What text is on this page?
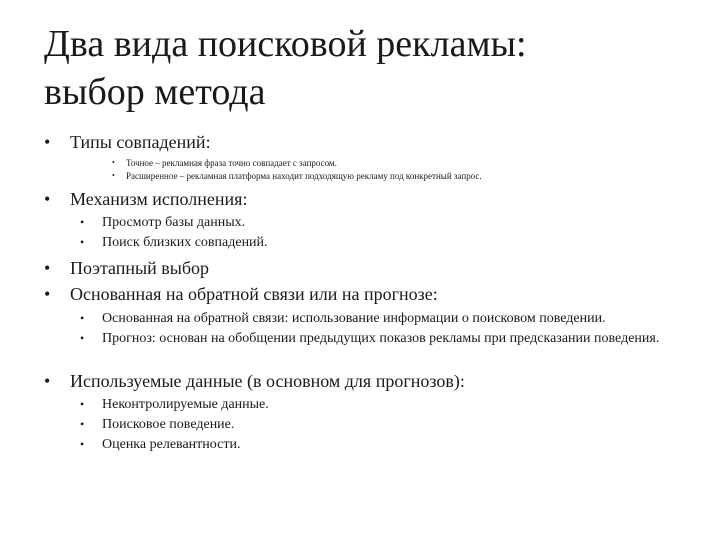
Два вида поисковой рекламы:
выбор метода
• Типы совпадений:
• Точное – рекламная фраза точно совпадает с запросом.
• Расширенное – рекламная платформа находит подходящую рекламу под конкретный запрос.
• Механизм исполнения:
• Просмотр базы данных.
• Поиск близких совпадений.
• Поэтапный выбор
• Основанная на обратной связи или на прогнозе:
• Основанная на обратной связи: использование информации о поисковом поведении.
• Прогноз: основан на обобщении предыдущих показов рекламы при предсказании поведения.
• Используемые данные (в основном для прогнозов):
• Неконтролируемые данные.
• Поисковое поведение.
• Оценка релевантности.
